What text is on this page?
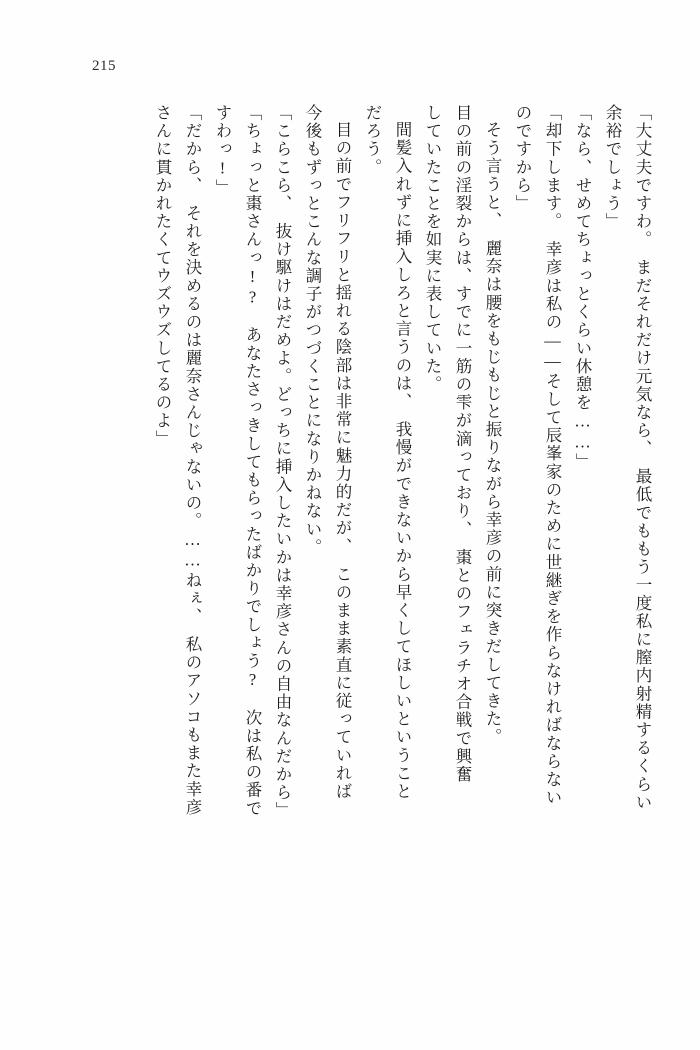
215
「大丈夫ですわ。　まだそれだけ元気なら、　最低でももう一度私に膣内射精するくらい
余裕でしょう」
「なら、せめてちょっとくらい休憩を……」
「却下します。　幸彦は私の――そして辰峯家のために世継ぎを作らなければならない
のですから」
そう言うと、　麗奈は腰をもじもじと振りながら幸彦の前に突きだしてきた。
目の前の淫裂からは、すでに一筋の雫が滴っており、　棗とのフェラチオ合戦で興奮
していたことを如実に表していた。
間髪入れずに挿入しろと言うのは、　我慢ができないから早くしてほしいということ
だろう。
目の前でフリフリと揺れる陰部は非常に魅力的だが、　このまま素直に従っていれば
今後もずっとこんな調子がつづくことになりかねない。
「こらこら、　抜け駆けはだめよ。どっちに挿入したいかは幸彦さんの自由なんだから」
「ちょっと棗さんっ!?　あなたさっきしてもらったばかりでしょう?　次は私の番で
すわっ!」
「だから、　それを決めるのは麗奈さんじゃないの。……ねぇ、　私のアソコもまた幸彦
さんに貫かれたくてウズウズしてるのよ」
